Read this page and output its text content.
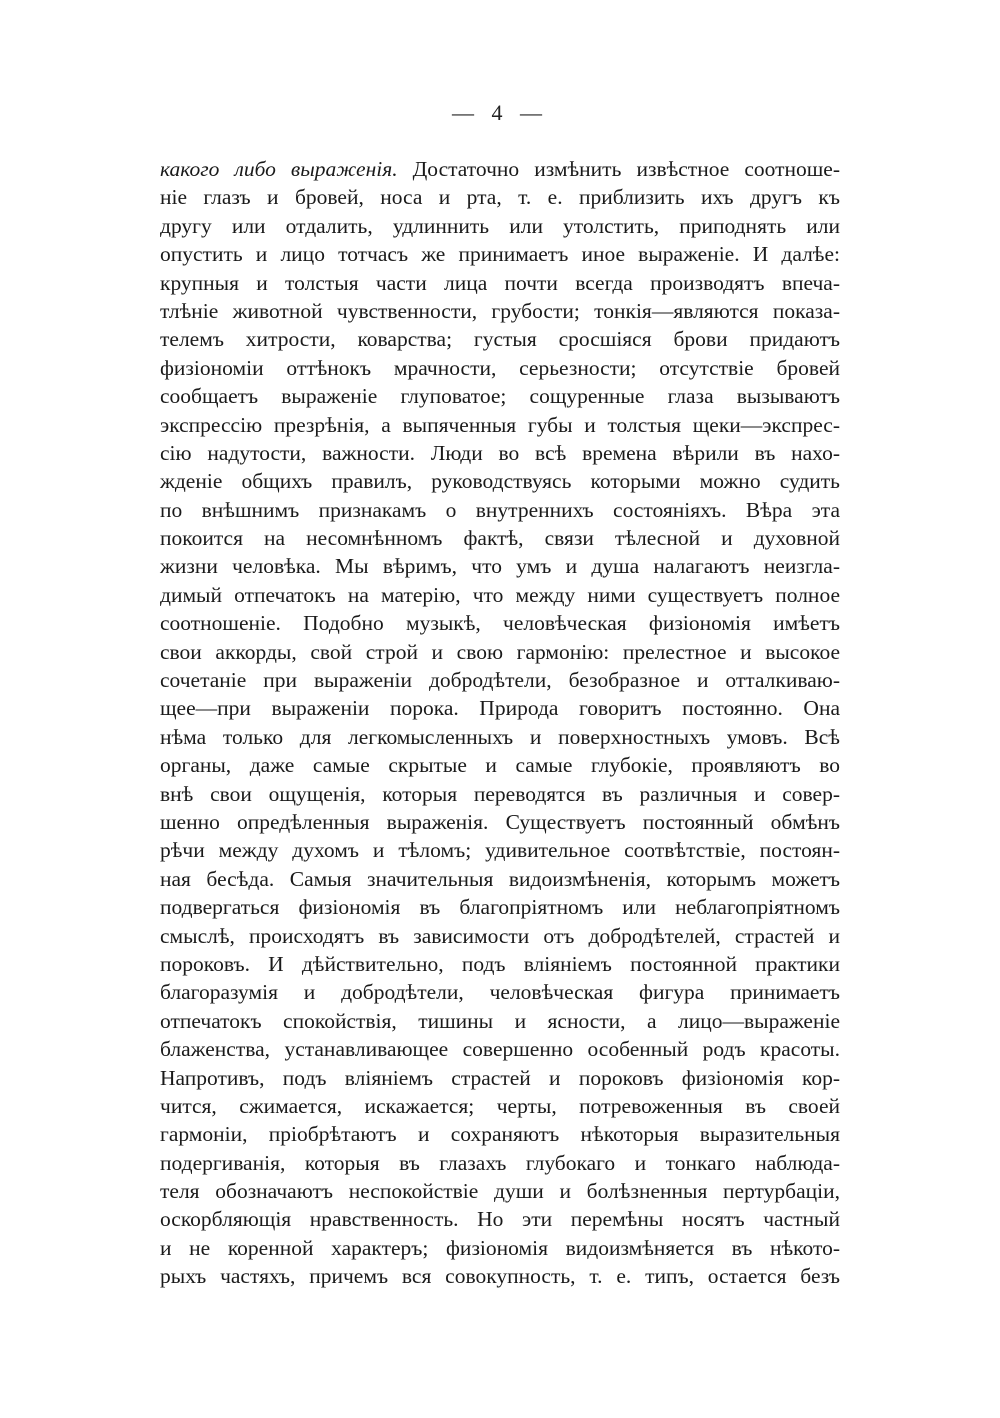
— 4 —
какого либо выраженія. Достаточно измѣнить извѣстное соотноше-
ніе глазъ и бровей, носа и рта, т. е. приблизить ихъ другъ къ
другу или отдалить, удлиннить или утолстить, приподнять или
опустить и лицо тотчасъ же принимаетъ иное выраженіе. И далѣе:
крупныя и толстыя части лица почти всегда производятъ впеча-
тлѣніе животной чувственности, грубости; тонкія—являются показа-
телемъ хитрости, коварства; густыя сросшіяся брови придаютъ
физіономіи оттѣнокъ мрачности, серьезности; отсутствіе бровей
сообщаетъ выраженіе глуповатое; сощуренные глаза вызываютъ
экспрессію презрѣнія, а выпяченныя губы и толстыя щеки—экспрес-
сію надутости, важности. Люди во всѣ времена вѣрили въ нахо-
жденіе общихъ правилъ, руководствуясь которыми можно судить
по внѣшнимъ признакамъ о внутреннихъ состояніяхъ. Вѣра эта
покоится на несомнѣнномъ фактѣ, связи тѣлесной и духовной
жизни человѣка. Мы вѣримъ, что умъ и душа налагаютъ неизгла-
димый отпечатокъ на матерію, что между ними существуетъ полное
соотношеніе. Подобно музыкѣ, человѣческая физіономія имѣетъ
свои аккорды, свой строй и свою гармонію: прелестное и высокое
сочетаніе при выраженіи добродѣтели, безобразное и отталкиваю-
щее—при выраженіи порока. Природа говоритъ постоянно. Она
нѣма только для легкомысленныхъ и поверхностныхъ умовъ. Всѣ
органы, даже самые скрытые и самые глубокіе, проявляютъ во
внѣ свои ощущенія, которыя переводятся въ различныя и совер-
шенно опредѣленныя выраженія. Существуетъ постоянный обмѣнъ
рѣчи между духомъ и тѣломъ; удивительное соотвѣтствіе, постоян-
ная бесѣда. Самыя значительныя видоизмѣненія, которымъ можетъ
подвергаться физіономія въ благопріятномъ или неблагопріятномъ
смыслѣ, происходятъ въ зависимости отъ добродѣтелей, страстей и
пороковъ. И дѣйствительно, подъ вліяніемъ постоянной практики
благоразумія и добродѣтели, человѣческая фигура принимаетъ
отпечатокъ спокойствія, тишины и ясности, а лицо—выраженіе
блаженства, устанавливающее совершенно особенный родъ красоты.
Напротивъ, подъ вліяніемъ страстей и пороковъ физіономія кор-
чится, сжимается, искажается; черты, потревоженныя въ своей
гармоніи, пріобрѣтаютъ и сохраняютъ нѣкоторыя выразительныя
подергиванія, которыя въ глазахъ глубокаго и тонкаго наблюда-
теля обозначаютъ неспокойствіе души и болѣзненныя пертурбаціи,
оскорбляющія нравственность. Но эти перемѣны носятъ частный
и не коренной характеръ; физіономія видоизмѣняется въ нѣкото-
рыхъ частяхъ, причемъ вся совокупность, т. е. типъ, остается безъ
